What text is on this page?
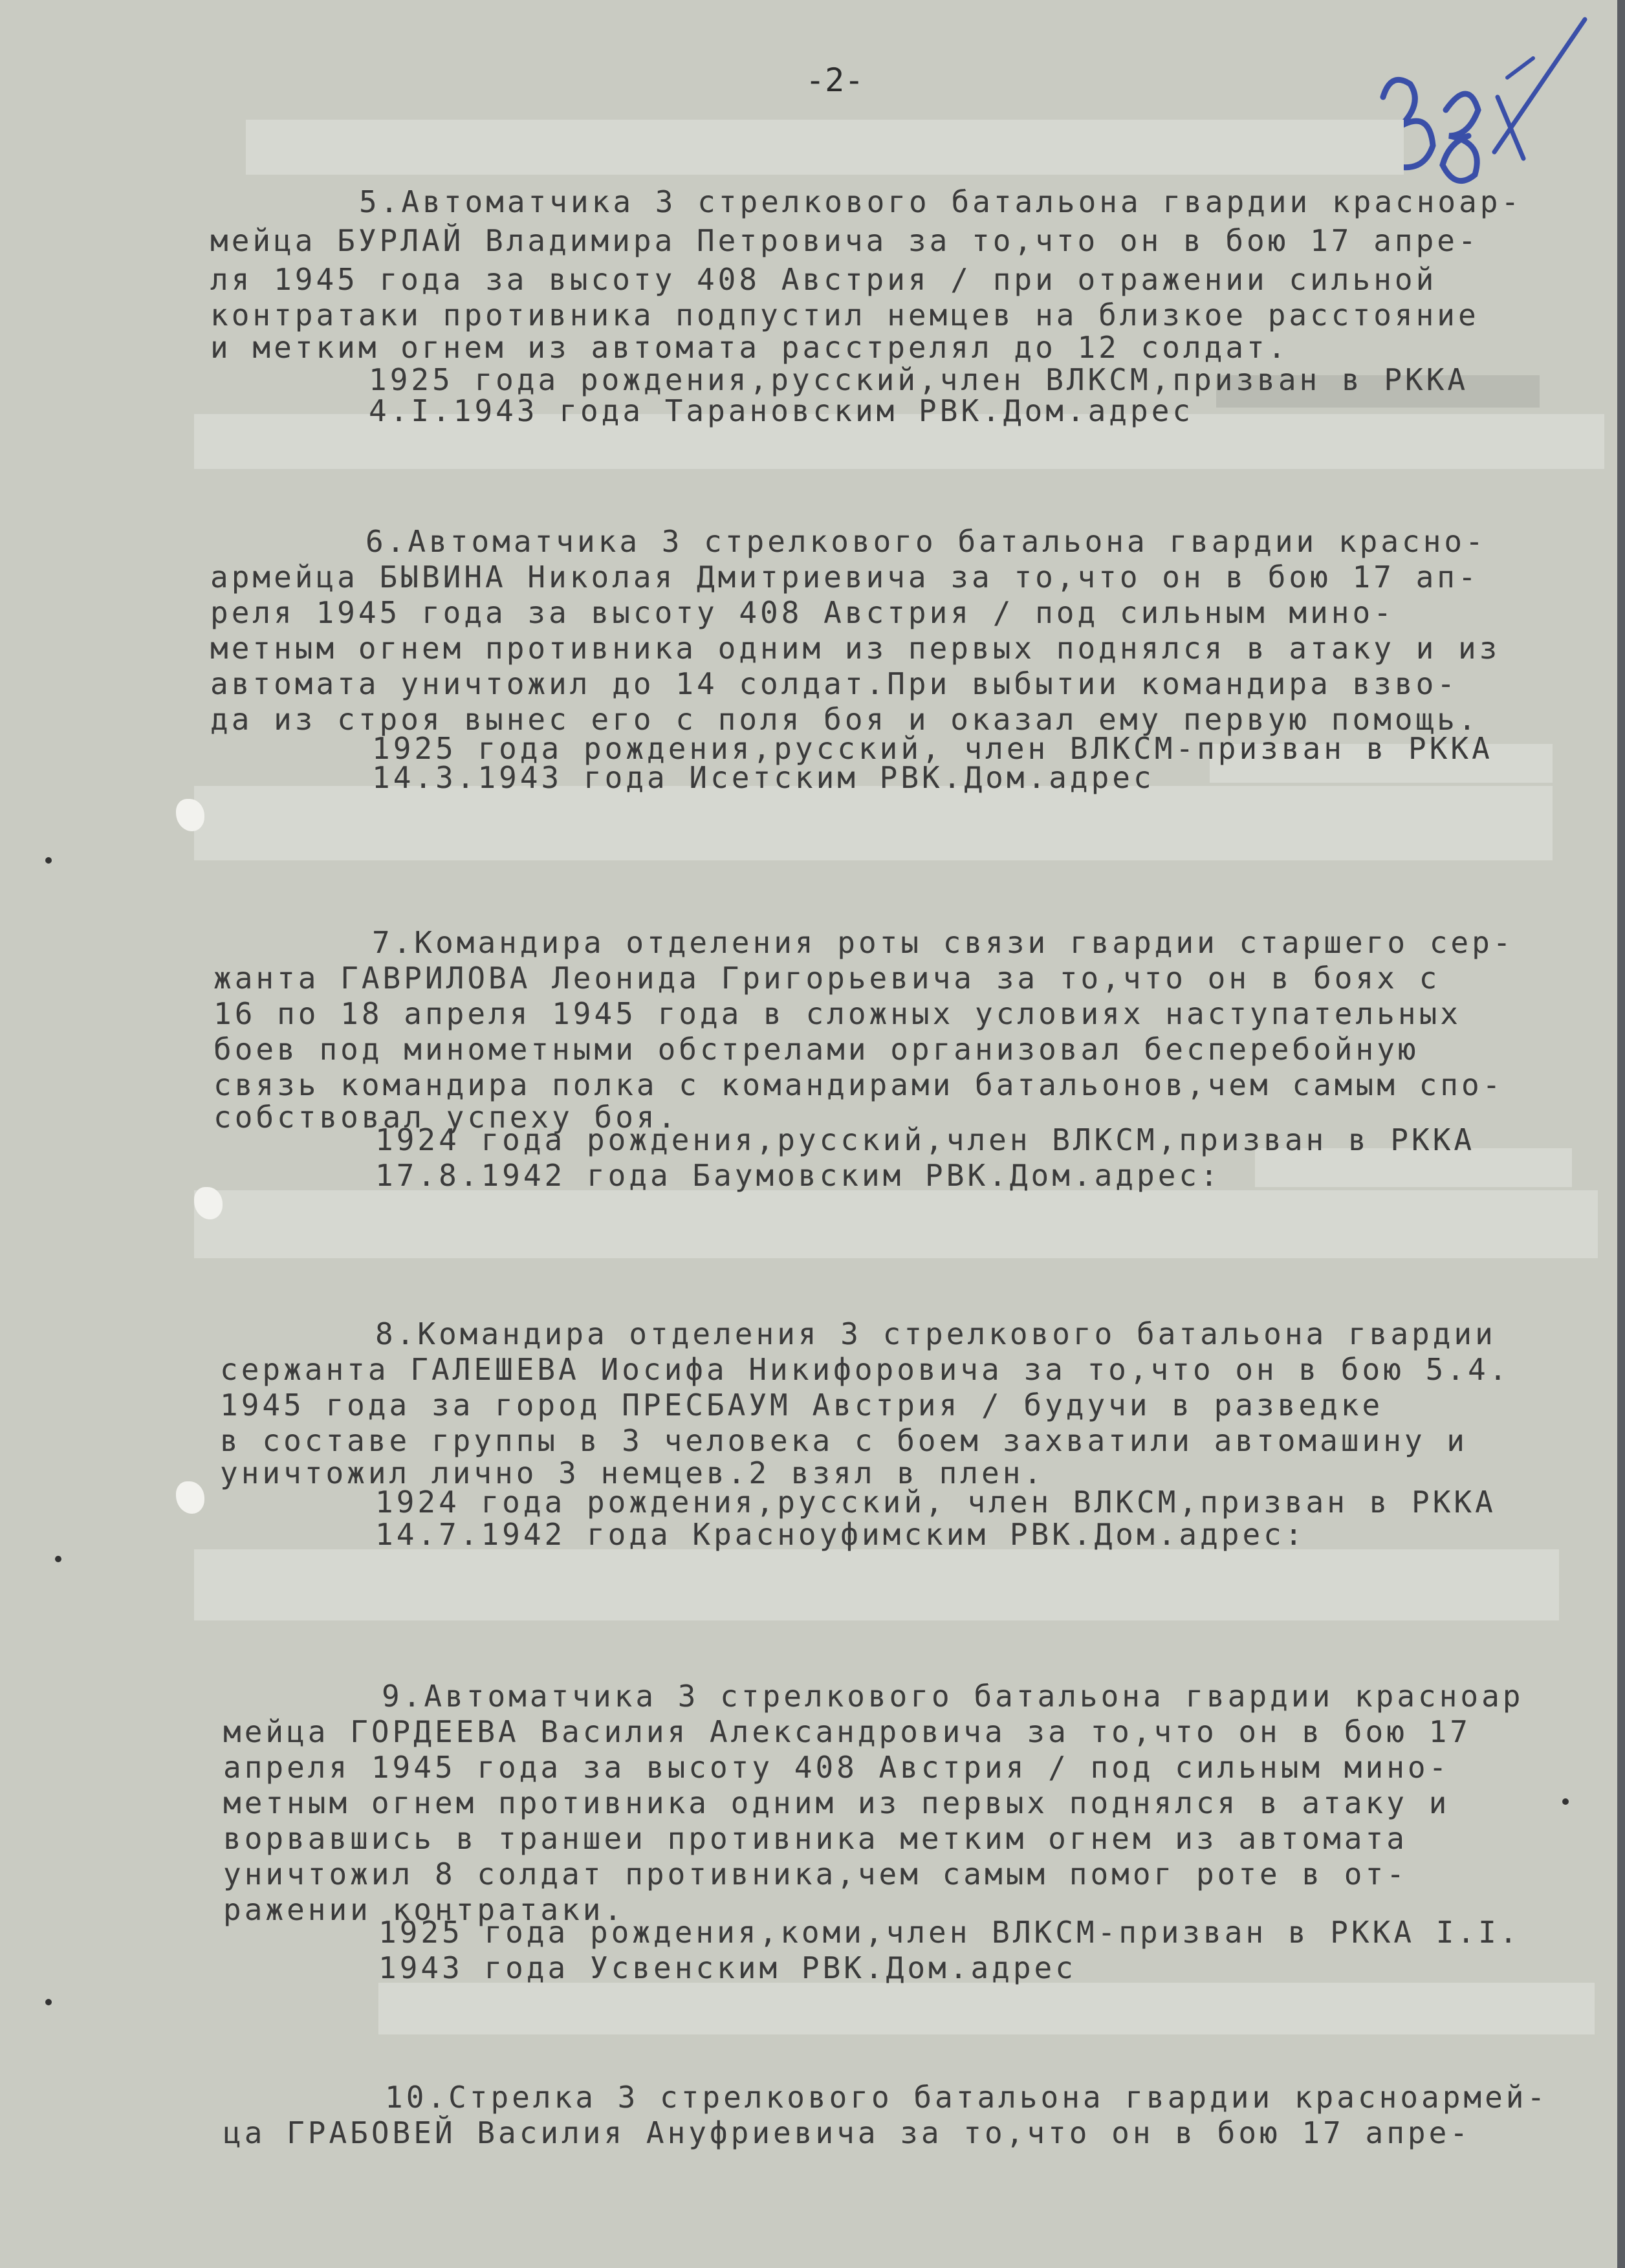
-2-
5.Автоматчика 3 стрелкового батальона гвардии красноар-
мейца БУРЛАЙ Владимира Петровича за то,что он в бою 17 апре-
ля 1945 года за высоту 408 Австрия / при отражении сильной
контратаки противника подпустил немцев на близкое расстояние
и метким огнем из автомата расстрелял до 12 солдат.
1925 года рождения,русский,член ВЛКСМ,призван в РККА
4.I.1943 года Тарановским РВК.Дом.адрес
6.Автоматчика 3 стрелкового батальона гвардии красно-
армейца БЫВИНА Николая Дмитриевича за то,что он в бою 17 ап-
реля 1945 года за высоту 408 Австрия / под сильным мино-
метным огнем противника одним из первых поднялся в атаку и из
автомата уничтожил до 14 солдат.При выбытии командира взво-
да из строя вынес его с поля боя и оказал ему первую помощь.
1925 года рождения,русский, член ВЛКСМ-призван в РККА
14.3.1943 года Исетским РВК.Дом.адрес
7.Командира отделения роты связи гвардии старшего сер-
жанта ГАВРИЛОВА Леонида Григорьевича за то,что он в боях с
16 по 18 апреля 1945 года в сложных условиях наступательных
боев под минометными обстрелами организовал бесперебойную
связь командира полка с командирами батальонов,чем самым спо-
собствовал успеху боя.
1924 года рождения,русский,член ВЛКСМ,призван в РККА
17.8.1942 года Баумовским РВК.Дом.адрес:
8.Командира отделения 3 стрелкового батальона гвардии
сержанта ГАЛЕШЕВА Иосифа Никифоровича за то,что он в бою 5.4.
1945 года за город ПРЕСБАУМ Австрия / будучи в разведке
в составе группы в 3 человека с боем захватили автомашину и
уничтожил лично 3 немцев.2 взял в плен.
1924 года рождения,русский, член ВЛКСМ,призван в РККА
14.7.1942 года Красноуфимским РВК.Дом.адрес:
9.Автоматчика 3 стрелкового батальона гвардии красноар
мейца ГОРДЕЕВА Василия Александровича за то,что он в бою 17
апреля 1945 года за высоту 408 Австрия / под сильным мино-
метным огнем противника одним из первых поднялся в атаку и
ворвавшись в траншеи противника метким огнем из автомата
уничтожил 8 солдат противника,чем самым помог роте в от-
ражении контратаки.
1925 года рождения,коми,член ВЛКСМ-призван в РККА I.I.
1943 года Усвенским РВК.Дом.адрес
10.Стрелка 3 стрелкового батальона гвардии красноармей-
ца ГРАБОВЕЙ Василия Ануфриевича за то,что он в бою 17 апре-
